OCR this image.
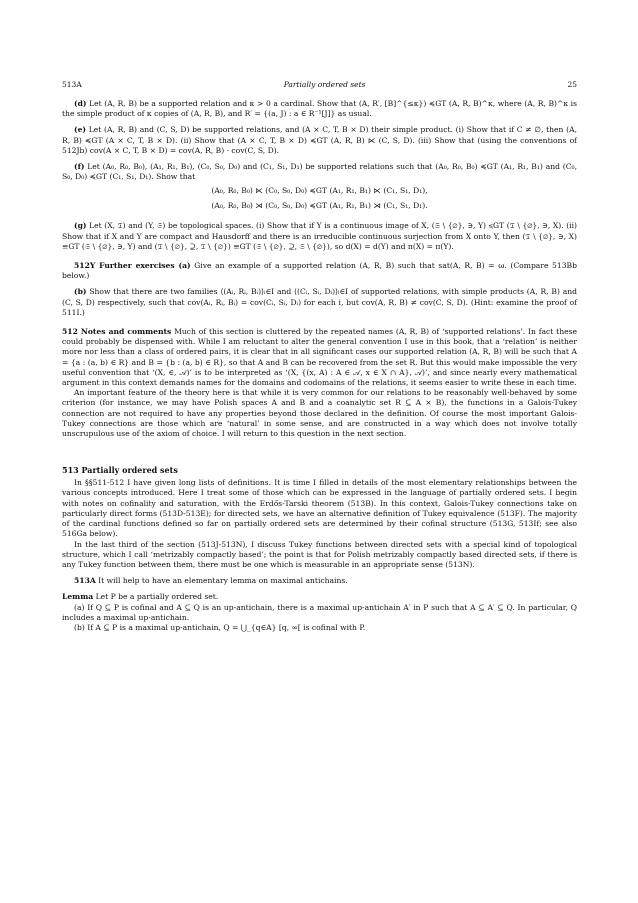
513A	Partially ordered sets	25

(d) Let (A, R, B) be a supported relation and κ > 0 a cardinal. Show that (A, R′, [B]^{≤κ}) ≼GT (A, R, B)^κ, where (A, R, B)^κ is the simple product of κ copies of (A, R, B), and R′ = {(a, J) : a ∈ R⁻¹[J]} as usual.

(e) Let (A, R, B) and (C, S, D) be supported relations, and (A × C, T, B × D) their simple product. (i) Show that if C ≠ ∅, then (A, R, B) ≼GT (A × C, T, B × D). (ii) Show that (A × C, T, B × D) ≼GT (A, R, B) ⋉ (C, S, D). (iii) Show that (using the conventions of 512Jb) cov(A × C, T, B × D) = cov(A, R, B) · cov(C, S, D).

(f) Let (A₀, R₀, B₀), (A₁, R₁, B₁), (C₀, S₀, D₀) and (C₁, S₁, D₁) be supported relations such that (A₀, R₀, B₀) ≼GT (A₁, R₁, B₁) and (C₀, S₀, D₀) ≼GT (C₁, S₁, D₁). Show that

(A₀, R₀, B₀) ⋉ (C₀, S₀, D₀) ≼GT (A₁, R₁, B₁) ⋉ (C₁, S₁, D₁),
(A₀, R₀, B₀) ⋊ (C₀, S₀, D₀) ≼GT (A₁, R₁, B₁) ⋊ (C₁, S₁, D₁).

(g) Let (X, 𝔗) and (Y, 𝔖) be topological spaces. (i) Show that if Y is a continuous image of X, (𝔖 \ {∅}, ∋, Y) ≼GT (𝔗 \ {∅}, ∋, X). (ii) Show that if X and Y are compact and Hausdorff and there is an irreducible continuous surjection from X onto Y, then (𝔗 \ {∅}, ∋, X) ≡GT (𝔖 \ {∅}, ∋, Y) and (𝔗 \ {∅}, ⊇, 𝔗 \ {∅}) ≡GT (𝔖 \ {∅}, ⊇, 𝔖 \ {∅}), so d(X) = d(Y) and π(X) = π(Y).

512Y Further exercises (a) Give an example of a supported relation (A, R, B) such that sat(A, R, B) = ω. (Compare 513Bb below.)

(b) Show that there are two families ⟨(Aᵢ, Rᵢ, Bᵢ)⟩ᵢ∈I and ⟨(Cᵢ, Sᵢ, Dᵢ)⟩ᵢ∈I of supported relations, with simple products (A, R, B) and (C, S, D) respectively, such that cov(Aᵢ, Rᵢ, Bᵢ) = cov(Cᵢ, Sᵢ, Dᵢ) for each i, but cov(A, R, B) ≠ cov(C, S, D). (Hint: examine the proof of 511I.)

512 Notes and comments Much of this section is cluttered by the repeated names (A, R, B) of ‘supported relations’. In fact these could probably be dispensed with. While I am reluctant to alter the general convention I use in this book, that a ‘relation’ is neither more nor less than a class of ordered pairs, it is clear that in all significant cases our supported relation (A, R, B) will be such that A = {a : (a, b) ∈ R} and B = {b : (a, b) ∈ R}, so that A and B can be recovered from the set R. But this would make impossible the very useful convention that ‘(X, ∈, 𝒜)’ is to be interpreted as ‘(X, {(x, A) : A ∈ 𝒜, x ∈ X ∩ A}, 𝒜)’, and since nearly every mathematical argument in this context demands names for the domains and codomains of the relations, it seems easier to write these in each time.

An important feature of the theory here is that while it is very common for our relations to be reasonably well-behaved by some criterion (for instance, we may have Polish spaces A and B and a coanalytic set R ⊆ A × B), the functions in a Galois-Tukey connection are not required to have any properties beyond those declared in the definition. Of course the most important Galois-Tukey connections are those which are ‘natural’ in some sense, and are constructed in a way which does not involve totally unscrupulous use of the axiom of choice. I will return to this question in the next section.

513 Partially ordered sets

In §§511-512 I have given long lists of definitions. It is time I filled in details of the most elementary relationships between the various concepts introduced. Here I treat some of those which can be expressed in the language of partially ordered sets. I begin with notes on cofinality and saturation, with the Erdős-Tarski theorem (513B). In this context, Galois-Tukey connections take on particularly direct forms (513D-513E); for directed sets, we have an alternative definition of Tukey equivalence (513F). The majority of the cardinal functions defined so far on partially ordered sets are determined by their cofinal structure (513G, 513If; see also 516Ga below).

In the last third of the section (513J-513N), I discuss Tukey functions between directed sets with a special kind of topological structure, which I call ‘metrizably compactly based’; the point is that for Polish metrizably compactly based directed sets, if there is any Tukey function between them, there must be one which is measurable in an appropriate sense (513N).

513A It will help to have an elementary lemma on maximal antichains.

Lemma Let P be a partially ordered set.

(a) If Q ⊆ P is cofinal and A ⊆ Q is an up-antichain, there is a maximal up-antichain A′ in P such that A ⊆ A′ ⊆ Q. In particular, Q includes a maximal up-antichain.

(b) If A ⊆ P is a maximal up-antichain, Q = ⋃_{q∈A} [q, ∞[ is cofinal with P.
